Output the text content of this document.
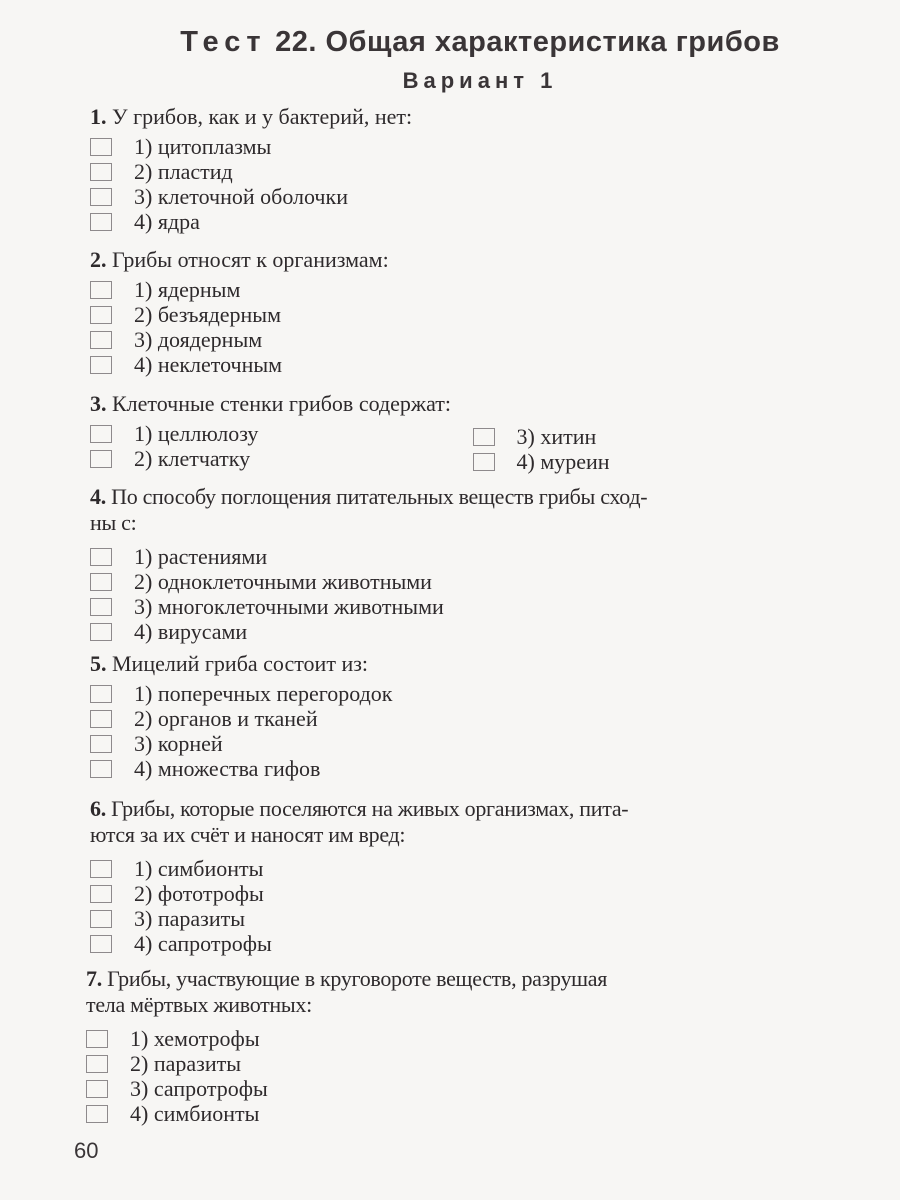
Тест 22. Общая характеристика грибов
Вариант 1

1. У грибов, как и у бактерий, нет:

1) цитоплазмы
2) пластид
3) клеточной оболочки
4) ядра

2. Грибы относят к организмам:

1) ядерным
2) безъядерным
3) доядерным
4) неклеточным

3. Клеточные стенки грибов содержат:

1) целлюлозу
2) клетчатку
3) хитин
4) муреин

4. По способу поглощения питательных веществ грибы сход-
ны с:

1) растениями
2) одноклеточными животными
3) многоклеточными животными
4) вирусами

5. Мицелий гриба состоит из:

1) поперечных перегородок
2) органов и тканей
3) корней
4) множества гифов

6. Грибы, которые поселяются на живых организмах, пита-
ются за их счёт и наносят им вред:

1) симбионты
2) фототрофы
3) паразиты
4) сапротрофы

7. Грибы, участвующие в круговороте веществ, разрушая
тела мёртвых животных:

1) хемотрофы
2) паразиты
3) сапротрофы
4) симбионты
60
